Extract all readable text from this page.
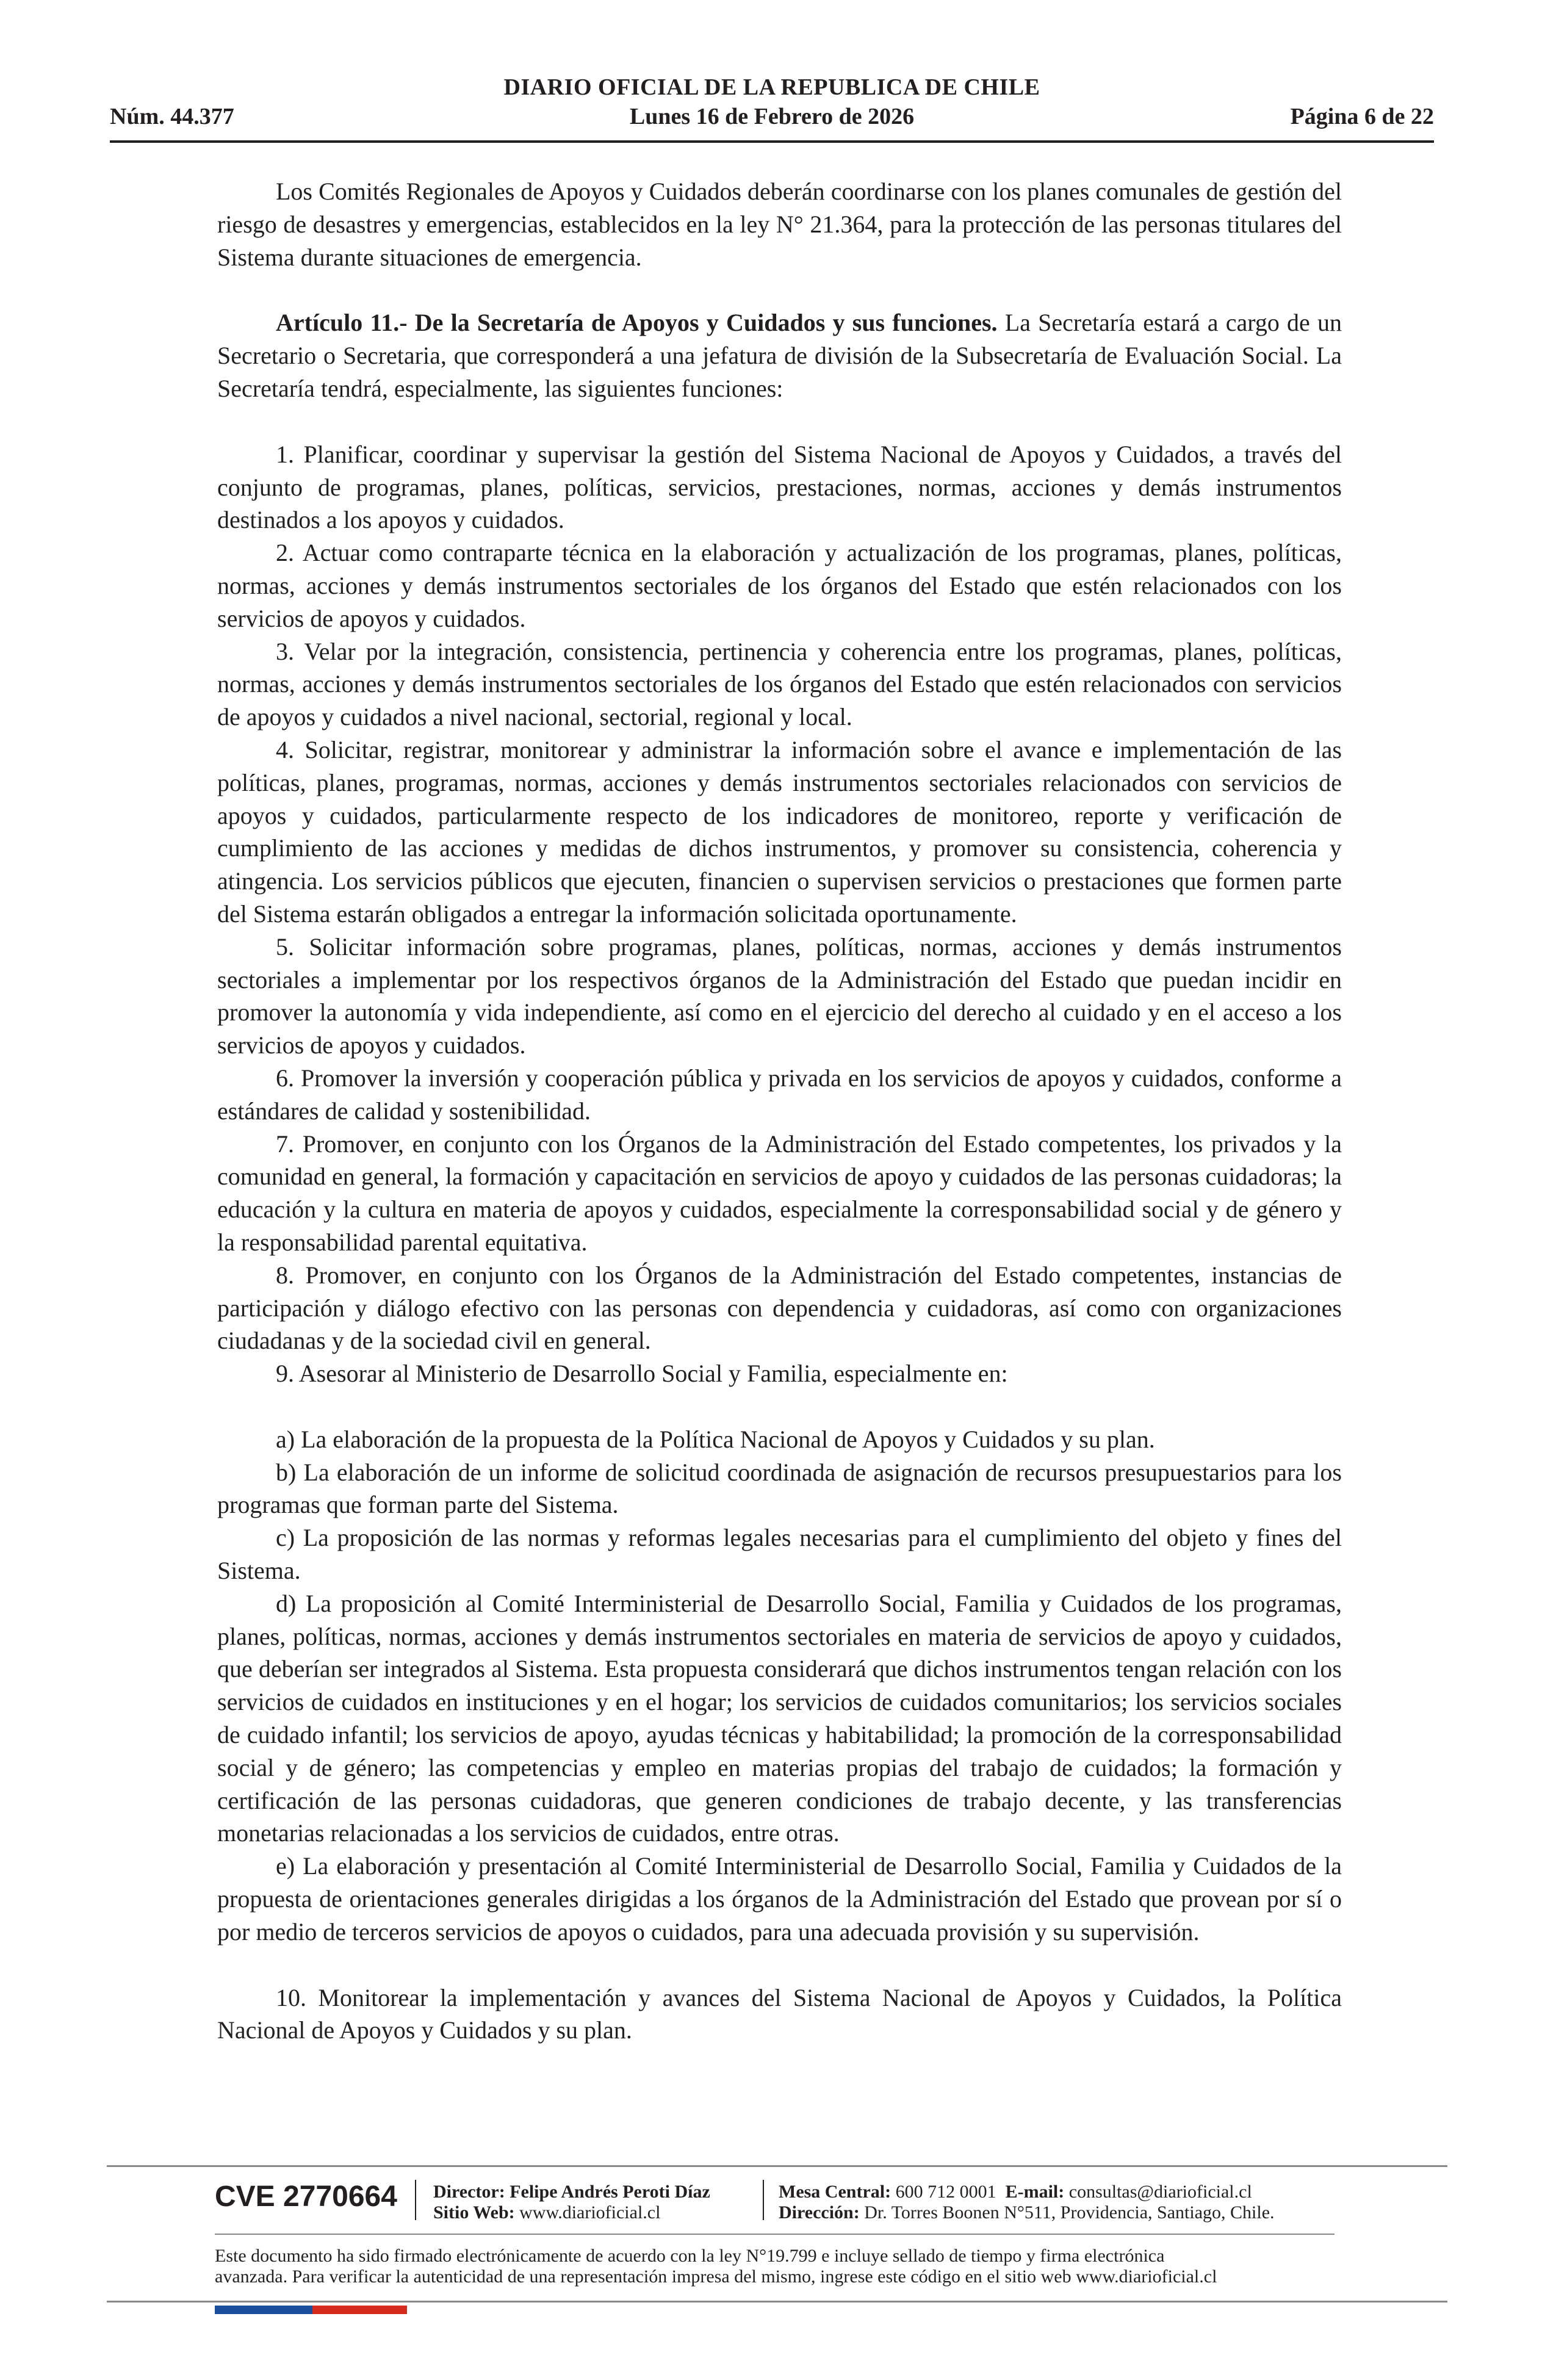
DIARIO OFICIAL DE LA REPUBLICA DE CHILE
Núm. 44.377	Lunes 16 de Febrero de 2026	Página 6 de 22

Los Comités Regionales de Apoyos y Cuidados deberán coordinarse con los planes comunales de gestión del riesgo de desastres y emergencias, establecidos en la ley N° 21.364, para la protección de las personas titulares del Sistema durante situaciones de emergencia.

Artículo 11.- De la Secretaría de Apoyos y Cuidados y sus funciones. La Secretaría estará a cargo de un Secretario o Secretaria, que corresponderá a una jefatura de división de la Subsecretaría de Evaluación Social. La Secretaría tendrá, especialmente, las siguientes funciones:

1. Planificar, coordinar y supervisar la gestión del Sistema Nacional de Apoyos y Cuidados, a través del conjunto de programas, planes, políticas, servicios, prestaciones, normas, acciones y demás instrumentos destinados a los apoyos y cuidados.

2. Actuar como contraparte técnica en la elaboración y actualización de los programas, planes, políticas, normas, acciones y demás instrumentos sectoriales de los órganos del Estado que estén relacionados con los servicios de apoyos y cuidados.

3. Velar por la integración, consistencia, pertinencia y coherencia entre los programas, planes, políticas, normas, acciones y demás instrumentos sectoriales de los órganos del Estado que estén relacionados con servicios de apoyos y cuidados a nivel nacional, sectorial, regional y local.

4. Solicitar, registrar, monitorear y administrar la información sobre el avance e implementación de las políticas, planes, programas, normas, acciones y demás instrumentos sectoriales relacionados con servicios de apoyos y cuidados, particularmente respecto de los indicadores de monitoreo, reporte y verificación de cumplimiento de las acciones y medidas de dichos instrumentos, y promover su consistencia, coherencia y atingencia. Los servicios públicos que ejecuten, financien o supervisen servicios o prestaciones que formen parte del Sistema estarán obligados a entregar la información solicitada oportunamente.

5. Solicitar información sobre programas, planes, políticas, normas, acciones y demás instrumentos sectoriales a implementar por los respectivos órganos de la Administración del Estado que puedan incidir en promover la autonomía y vida independiente, así como en el ejercicio del derecho al cuidado y en el acceso a los servicios de apoyos y cuidados.

6. Promover la inversión y cooperación pública y privada en los servicios de apoyos y cuidados, conforme a estándares de calidad y sostenibilidad.

7. Promover, en conjunto con los Órganos de la Administración del Estado competentes, los privados y la comunidad en general, la formación y capacitación en servicios de apoyo y cuidados de las personas cuidadoras; la educación y la cultura en materia de apoyos y cuidados, especialmente la corresponsabilidad social y de género y la responsabilidad parental equitativa.

8. Promover, en conjunto con los Órganos de la Administración del Estado competentes, instancias de participación y diálogo efectivo con las personas con dependencia y cuidadoras, así como con organizaciones ciudadanas y de la sociedad civil en general.

9. Asesorar al Ministerio de Desarrollo Social y Familia, especialmente en:

a) La elaboración de la propuesta de la Política Nacional de Apoyos y Cuidados y su plan.

b) La elaboración de un informe de solicitud coordinada de asignación de recursos presupuestarios para los programas que forman parte del Sistema.

c) La proposición de las normas y reformas legales necesarias para el cumplimiento del objeto y fines del Sistema.

d) La proposición al Comité Interministerial de Desarrollo Social, Familia y Cuidados de los programas, planes, políticas, normas, acciones y demás instrumentos sectoriales en materia de servicios de apoyo y cuidados, que deberían ser integrados al Sistema. Esta propuesta considerará que dichos instrumentos tengan relación con los servicios de cuidados en instituciones y en el hogar; los servicios de cuidados comunitarios; los servicios sociales de cuidado infantil; los servicios de apoyo, ayudas técnicas y habitabilidad; la promoción de la corresponsabilidad social y de género; las competencias y empleo en materias propias del trabajo de cuidados; la formación y certificación de las personas cuidadoras, que generen condiciones de trabajo decente, y las transferencias monetarias relacionadas a los servicios de cuidados, entre otras.

e) La elaboración y presentación al Comité Interministerial de Desarrollo Social, Familia y Cuidados de la propuesta de orientaciones generales dirigidas a los órganos de la Administración del Estado que provean por sí o por medio de terceros servicios de apoyos o cuidados, para una adecuada provisión y su supervisión.

10. Monitorear la implementación y avances del Sistema Nacional de Apoyos y Cuidados, la Política Nacional de Apoyos y Cuidados y su plan.

CVE 2770664 Director: Felipe Andrés Peroti Díaz
Sitio Web: www.diarioficial.cl
Mesa Central: 600 712 0001 E-mail: consultas@diarioficial.cl
Dirección: Dr. Torres Boonen N°511, Providencia, Santiago, Chile.
Este documento ha sido firmado electrónicamente de acuerdo con la ley N°19.799 e incluye sellado de tiempo y firma electrónica
avanzada. Para verificar la autenticidad de una representación impresa del mismo, ingrese este código en el sitio web www.diarioficial.cl
